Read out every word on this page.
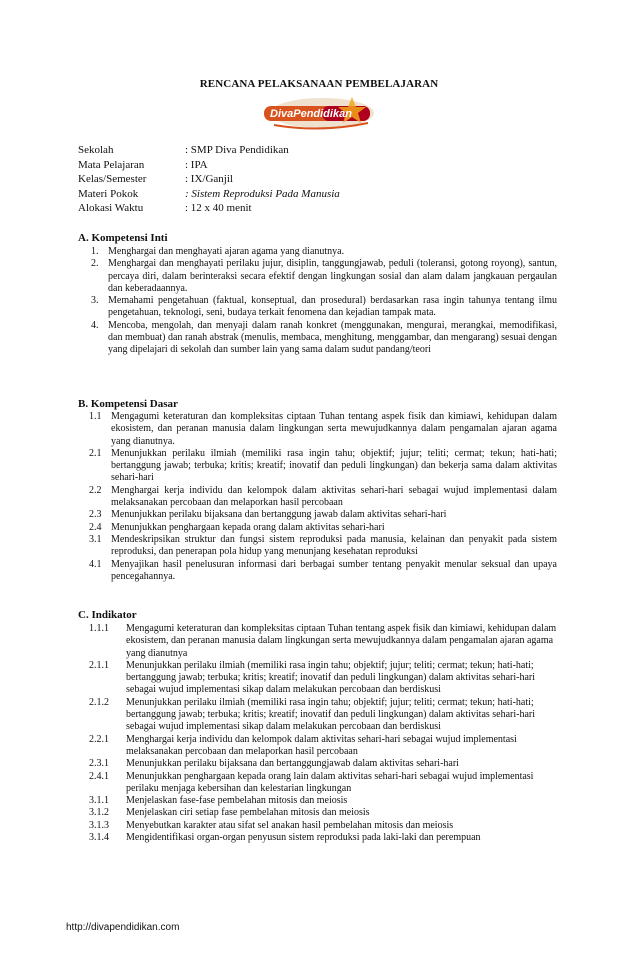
RENCANA PELAKSANAAN PEMBELAJARAN
DivaPendidikan
Sekolah	: SMP Diva Pendidikan
Mata Pelajaran	: IPA
Kelas/Semester	: IX/Ganjil
Materi Pokok	: Sistem Reproduksi Pada Manusia
Alokasi Waktu	: 12 x 40 menit
A. Kompetensi Inti
1. Menghargai dan menghayati ajaran agama yang dianutnya.
2. Menghargai dan menghayati perilaku jujur, disiplin, tanggungjawab, peduli (toleransi, gotong royong), santun, percaya diri, dalam berinteraksi secara efektif dengan lingkungan sosial dan alam dalam jangkauan pergaulan dan keberadaannya.
3. Memahami pengetahuan (faktual, konseptual, dan prosedural) berdasarkan rasa ingin tahunya tentang ilmu pengetahuan, teknologi, seni, budaya terkait fenomena dan kejadian tampak mata.
4. Mencoba, mengolah, dan menyaji dalam ranah konkret (menggunakan, mengurai, merangkai, memodifikasi, dan membuat) dan ranah abstrak (menulis, membaca, menghitung, menggambar, dan mengarang) sesuai dengan yang dipelajari di sekolah dan sumber lain yang sama dalam sudut pandang/teori
B. Kompetensi Dasar
1.1 Mengagumi keteraturan dan kompleksitas ciptaan Tuhan tentang aspek fisik dan kimiawi, kehidupan dalam ekosistem, dan peranan manusia dalam lingkungan serta mewujudkannya dalam pengamalan ajaran agama yang dianutnya.
2.1 Menunjukkan perilaku ilmiah (memiliki rasa ingin tahu; objektif; jujur; teliti; cermat; tekun; hati-hati; bertanggung jawab; terbuka; kritis; kreatif; inovatif dan peduli lingkungan) dan bekerja sama dalam aktivitas sehari-hari
2.2 Menghargai kerja individu dan kelompok dalam aktivitas sehari-hari sebagai wujud implementasi dalam melaksanakan percobaan dan melaporkan hasil percobaan
2.3 Menunjukkan perilaku bijaksana dan bertanggung jawab dalam aktivitas sehari-hari
2.4 Menunjukkan penghargaan kepada orang dalam aktivitas sehari-hari
3.1 Mendeskripsikan struktur dan fungsi sistem reproduksi pada manusia, kelainan dan penyakit pada sistem reproduksi, dan penerapan pola hidup yang menunjang kesehatan reproduksi
4.1 Menyajikan hasil penelusuran informasi dari berbagai sumber tentang penyakit menular seksual dan upaya pencegahannya.
C. Indikator
1.1.1	Mengagumi keteraturan dan kompleksitas ciptaan Tuhan tentang aspek fisik dan kimiawi, kehidupan dalam ekosistem, dan peranan manusia dalam lingkungan serta mewujudkannya dalam pengamalan ajaran agama yang dianutnya
2.1.1	Menunjukkan perilaku ilmiah (memiliki rasa ingin tahu; objektif; jujur; teliti; cermat; tekun; hati-hati; bertanggung jawab; terbuka; kritis; kreatif; inovatif dan peduli lingkungan) dalam aktivitas sehari-hari sebagai wujud implementasi sikap dalam melakukan percobaan dan berdiskusi
2.1.2	Menunjukkan perilaku ilmiah (memiliki rasa ingin tahu; objektif; jujur; teliti; cermat; tekun; hati-hati; bertanggung jawab; terbuka; kritis; kreatif; inovatif dan peduli lingkungan) dalam aktivitas sehari-hari sebagai wujud implementasi sikap dalam melakukan percobaan dan berdiskusi
2.2.1	Menghargai kerja individu dan kelompok dalam aktivitas sehari-hari sebagai wujud implementasi melaksanakan percobaan dan melaporkan hasil percobaan
2.3.1	Menunjukkan perilaku bijaksana dan bertanggungjawab dalam aktivitas sehari-hari
2.4.1	Menunjukkan penghargaan kepada orang lain dalam aktivitas sehari-hari sebagai wujud implementasi perilaku menjaga kebersihan dan kelestarian lingkungan
3.1.1	Menjelaskan fase-fase pembelahan mitosis dan meiosis
3.1.2	Menjelaskan ciri setiap fase pembelahan mitosis dan meiosis
3.1.3	Menyebutkan karakter atau sifat sel anakan hasil pembelahan mitosis dan meiosis
3.1.4	Mengidentifikasi organ-organ penyusun sistem reproduksi pada laki-laki dan perempuan
http://divapendidikan.com
